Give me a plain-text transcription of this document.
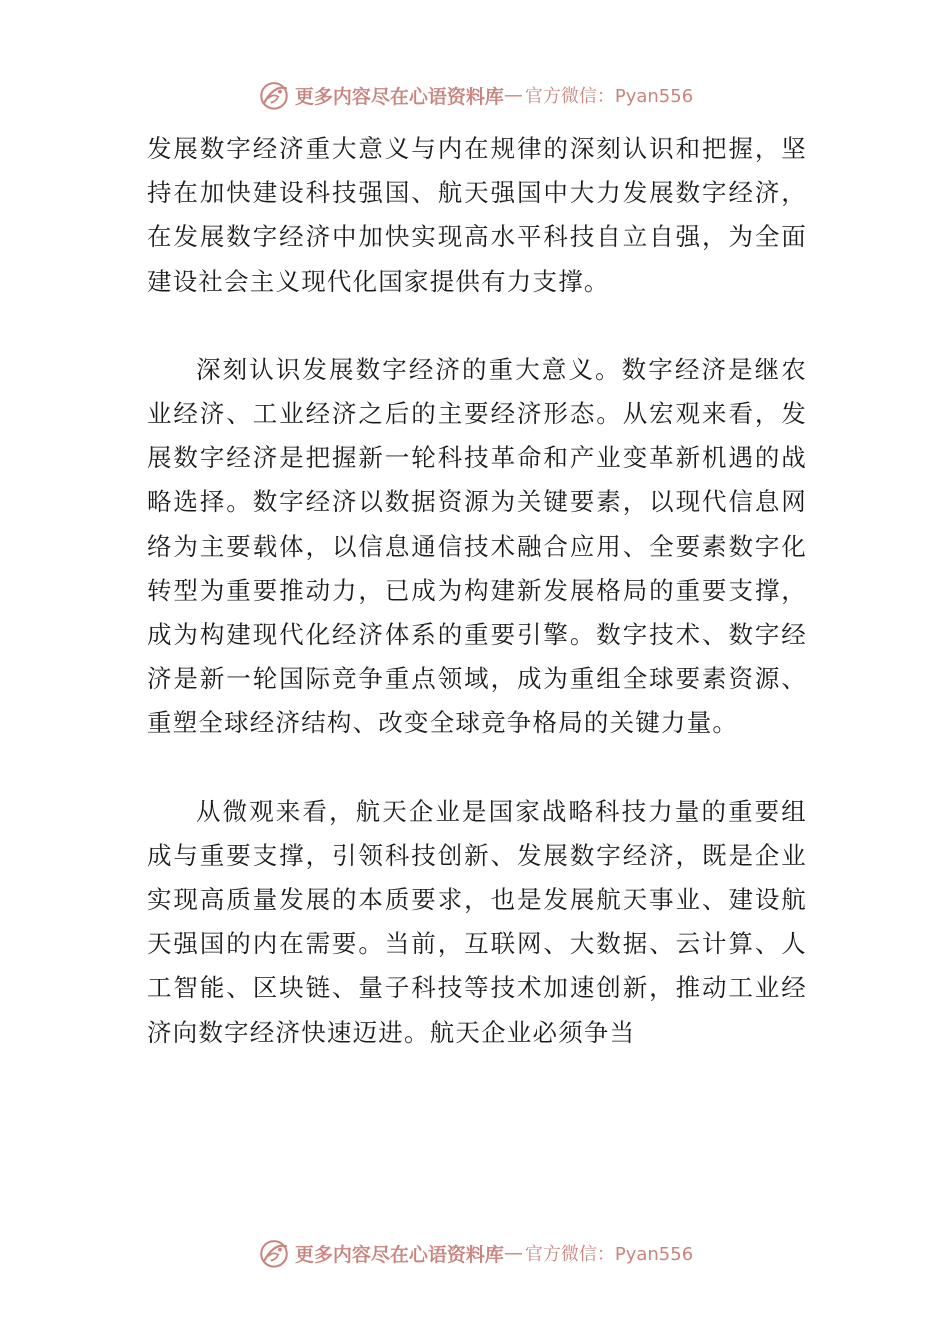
更多内容尽在心语资料库 — 官方微信：Pyan556

发展数字经济重大意义与内在规律的深刻认识和把握，坚持在加快建设科技强国、航天强国中大力发展数字经济，在发展数字经济中加快实现高水平科技自立自强，为全面建设社会主义现代化国家提供有力支撑。

深刻认识发展数字经济的重大意义。数字经济是继农业经济、工业经济之后的主要经济形态。从宏观来看，发展数字经济是把握新一轮科技革命和产业变革新机遇的战略选择。数字经济以数据资源为关键要素，以现代信息网络为主要载体，以信息通信技术融合应用、全要素数字化转型为重要推动力，已成为构建新发展格局的重要支撑，成为构建现代化经济体系的重要引擎。数字技术、数字经济是新一轮国际竞争重点领域，成为重组全球要素资源、重塑全球经济结构、改变全球竞争格局的关键力量。

从微观来看，航天企业是国家战略科技力量的重要组成与重要支撑，引领科技创新、发展数字经济，既是企业实现高质量发展的本质要求，也是发展航天事业、建设航天强国的内在需要。当前，互联网、大数据、云计算、人工智能、区块链、量子科技等技术加速创新，推动工业经济向数字经济快速迈进。航天企业必须争当

更多内容尽在心语资料库 — 官方微信：Pyan556
